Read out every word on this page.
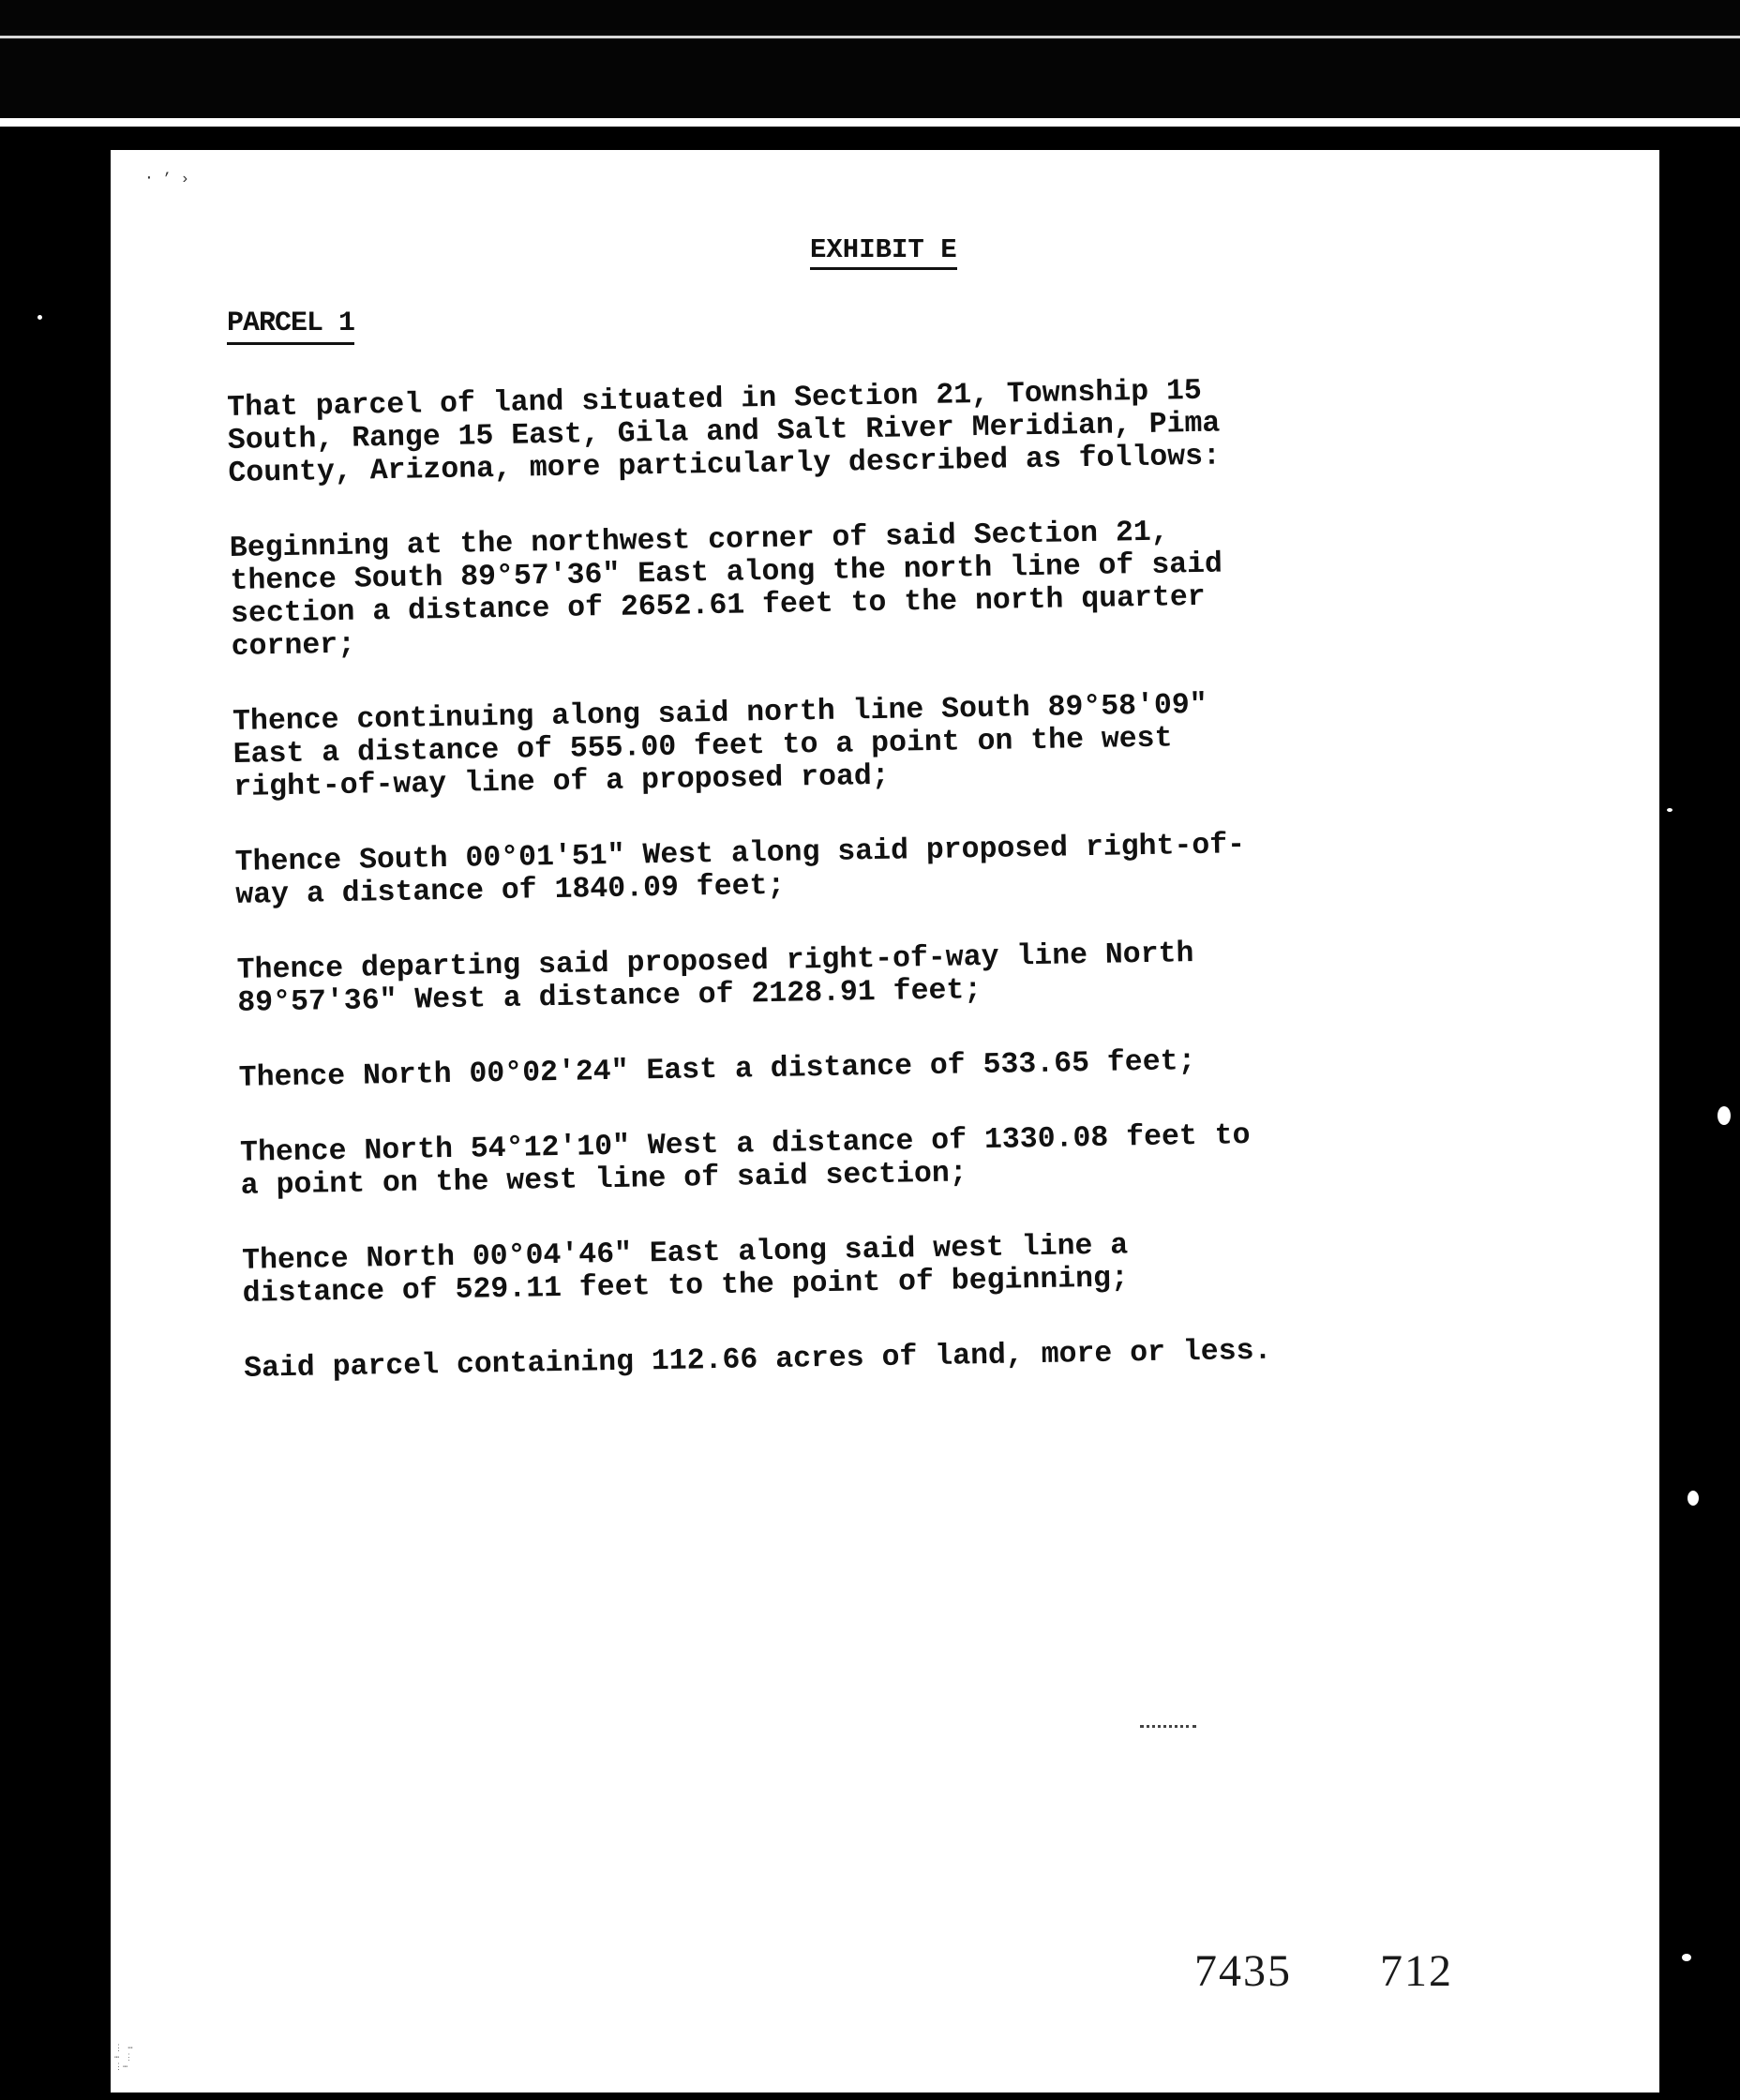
⋅ ’ ›
EXHIBIT E
PARCEL 1

That parcel of land situated in Section 21, Township 15
South, Range 15 East, Gila and Salt River Meridian, Pima
County, Arizona, more particularly described as follows:

Beginning at the northwest corner of said Section 21,
thence South 89°57'36" East along the north line of said
section a distance of 2652.61 feet to the north quarter
corner;

Thence continuing along said north line South 89°58'09"
East a distance of 555.00 feet to a point on the west
right-of-way line of a proposed road;

Thence South 00°01'51" West along said proposed right-of-
way a distance of 1840.09 feet;

Thence departing said proposed right-of-way line North
89°57'36" West a distance of 2128.91 feet;

Thence North 00°02'24" East a distance of 533.65 feet;

Thence North 54°12'10" West a distance of 1330.08 feet to
a point on the west line of said section;

Thence North 00°04'46" East along said west line a
distance of 529.11 feet to the point of beginning;

Said parcel containing 112.66 acres of land, more or less.

7435 712
⋮ ⋯
⋯ ⋮
⋮⋯
